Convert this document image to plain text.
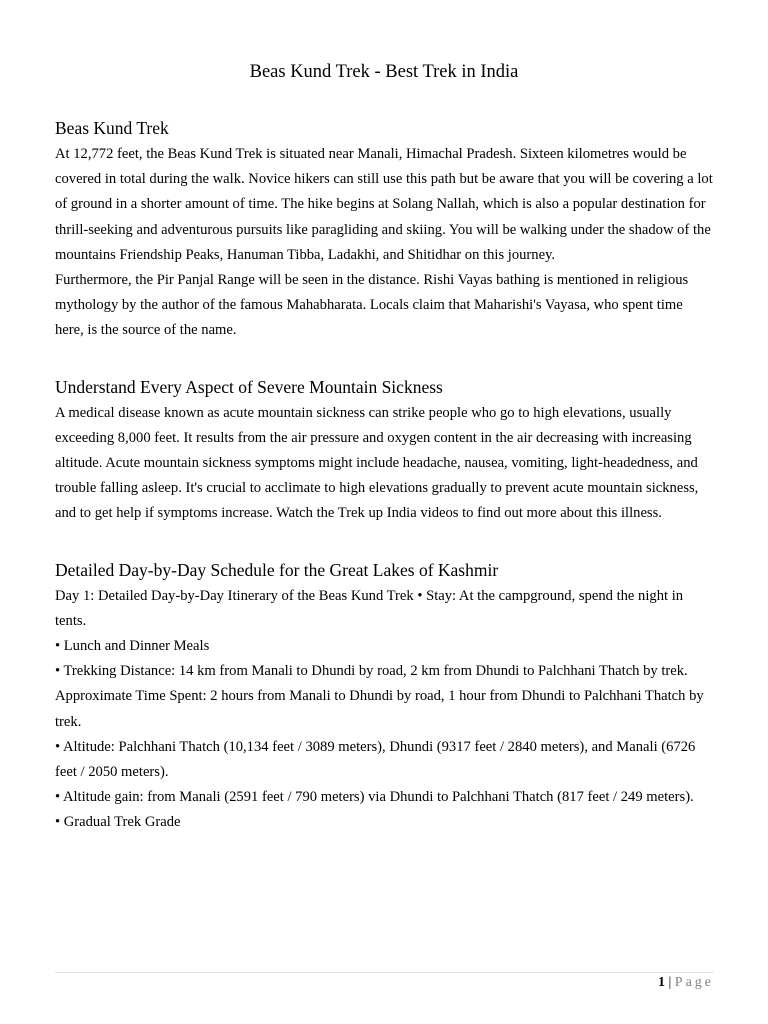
Beas Kund Trek - Best Trek in India
Beas Kund Trek

At 12,772 feet, the Beas Kund Trek is situated near Manali, Himachal Pradesh. Sixteen kilometres would be covered in total during the walk. Novice hikers can still use this path but be aware that you will be covering a lot of ground in a shorter amount of time. The hike begins at Solang Nallah, which is also a popular destination for thrill-seeking and adventurous pursuits like paragliding and skiing. You will be walking under the shadow of the mountains Friendship Peaks, Hanuman Tibba, Ladakhi, and Shitidhar on this journey.

Furthermore, the Pir Panjal Range will be seen in the distance. Rishi Vayas bathing is mentioned in religious mythology by the author of the famous Mahabharata. Locals claim that Maharishi's Vayasa, who spent time here, is the source of the name.

Understand Every Aspect of Severe Mountain Sickness

A medical disease known as acute mountain sickness can strike people who go to high elevations, usually exceeding 8,000 feet. It results from the air pressure and oxygen content in the air decreasing with increasing altitude. Acute mountain sickness symptoms might include headache, nausea, vomiting, light-headedness, and trouble falling asleep. It's crucial to acclimate to high elevations gradually to prevent acute mountain sickness, and to get help if symptoms increase. Watch the Trek up India videos to find out more about this illness.

Detailed Day-by-Day Schedule for the Great Lakes of Kashmir

Day 1: Detailed Day-by-Day Itinerary of the Beas Kund Trek • Stay: At the campground, spend the night in tents.

• Lunch and Dinner Meals

• Trekking Distance: 14 km from Manali to Dhundi by road, 2 km from Dhundi to Palchhani Thatch by trek. Approximate Time Spent: 2 hours from Manali to Dhundi by road, 1 hour from Dhundi to Palchhani Thatch by trek.

• Altitude: Palchhani Thatch (10,134 feet / 3089 meters), Dhundi (9317 feet / 2840 meters), and Manali (6726 feet / 2050 meters).

• Altitude gain: from Manali (2591 feet / 790 meters) via Dhundi to Palchhani Thatch (817 feet / 249 meters).

• Gradual Trek Grade

1 | Page
